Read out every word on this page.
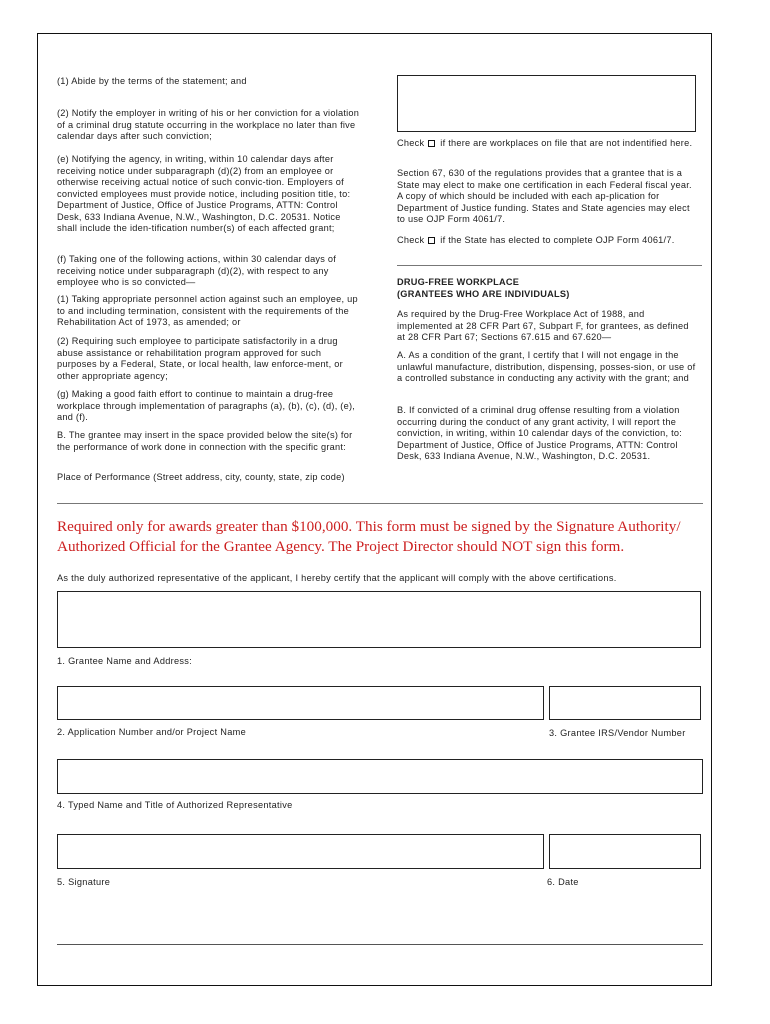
(1) Abide by the terms of the statement; and
(2) Notify the employer in writing of his or her conviction for a violation of a criminal drug statute occurring in the workplace no later than five calendar days after such conviction;
(e) Notifying the agency, in writing, within 10 calendar days after receiving notice under subparagraph (d)(2) from an employee or otherwise receiving actual notice of such convic-tion. Employers of convicted employees must provide notice, including position title, to: Department of Justice, Office of Justice Programs, ATTN: Control Desk, 633 Indiana Avenue, N.W., Washington, D.C. 20531. Notice shall include the iden-tification number(s) of each affected grant;
(f) Taking one of the following actions, within 30 calendar days of receiving notice under subparagraph (d)(2), with respect to any employee who is so convicted—
(1) Taking appropriate personnel action against such an employee, up to and including termination, consistent with the requirements of the Rehabilitation Act of 1973, as amended; or
(2) Requiring such employee to participate satisfactorily in a drug abuse assistance or rehabilitation program approved for such purposes by a Federal, State, or local health, law enforce-ment, or other appropriate agency;
(g) Making a good faith effort to continue to maintain a drug-free workplace through implementation of paragraphs (a), (b), (c), (d), (e), and (f).
B. The grantee may insert in the space provided below the site(s) for the performance of work done in connection with the specific grant:
Place of Performance (Street address, city, county, state, zip code)
Check if there are workplaces on file that are not indentified here.
Section 67, 630 of the regulations provides that a grantee that is a State may elect to make one certification in each Federal fiscal year. A copy of which should be included with each ap-plication for Department of Justice funding. States and State agencies may elect to use OJP Form 4061/7.
Check if the State has elected to complete OJP Form 4061/7.
DRUG-FREE WORKPLACE
(GRANTEES WHO ARE INDIVIDUALS)
As required by the Drug-Free Workplace Act of 1988, and implemented at 28 CFR Part 67, Subpart F, for grantees, as defined at 28 CFR Part 67; Sections 67.615 and 67.620—
A. As a condition of the grant, I certify that I will not engage in the unlawful manufacture, distribution, dispensing, posses-sion, or use of a controlled substance in conducting any activity with the grant; and
B. If convicted of a criminal drug offense resulting from a violation occurring during the conduct of any grant activity, I will report the conviction, in writing, within 10 calendar days of the conviction, to: Department of Justice, Office of Justice Programs, ATTN: Control Desk, 633 Indiana Avenue, N.W., Washington, D.C. 20531.
Required only for awards greater than $100,000. This form must be signed by the Signature Authority/ Authorized Official for the Grantee Agency. The Project Director should NOT sign this form.
As the duly authorized representative of the applicant, I hereby certify that the applicant will comply with the above certifications.
1. Grantee Name and Address:
2. Application Number and/or Project Name	3. Grantee IRS/Vendor Number
4. Typed Name and Title of Authorized Representative
5. Signature	6. Date
